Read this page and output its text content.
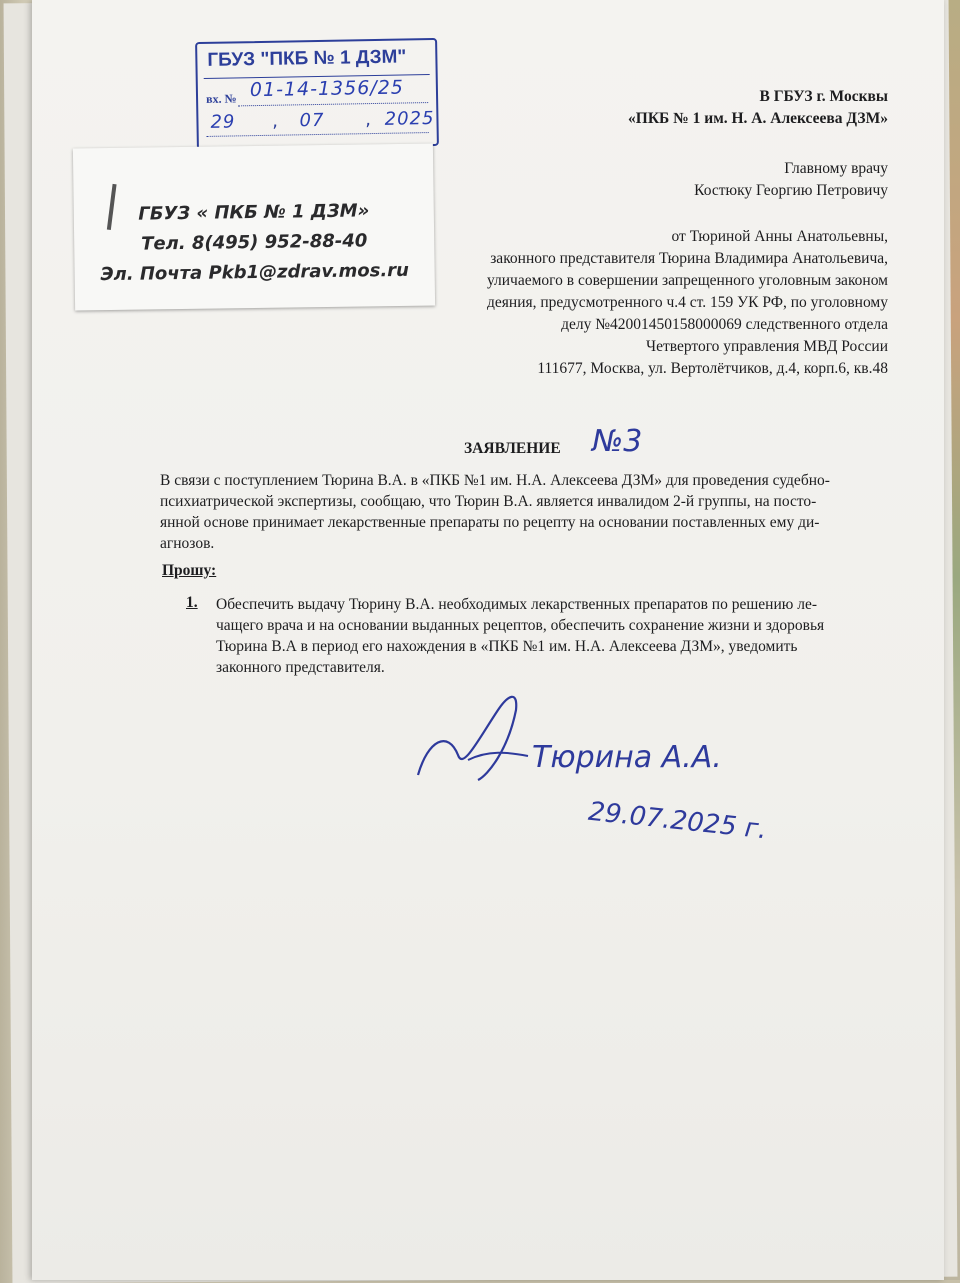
ГБУЗ "ПКБ № 1 ДЗМ"
вх. № 01-14-1356/25
29 , 07 , 2025
ГБУЗ « ПКБ № 1 ДЗМ»
Тел. 8(495) 952-88-40
Эл. Почта Pkb1@zdrav.mos.ru
В ГБУЗ г. Москвы
«ПКБ № 1 им. Н. А. Алексеева ДЗМ»
Главному врачу
Костюку Георгию Петровичу
от Тюриной Анны Анатольевны,
законного представителя Тюрина Владимира Анатольевича,
уличаемого в совершении запрещенного уголовным законом
деяния, предусмотренного ч.4 ст. 159 УК РФ, по уголовному
делу №42001450158000069 следственного отдела
Четвертого управления МВД России
111677, Москва, ул. Вертолётчиков, д.4, корп.6, кв.48
ЗАЯВЛЕНИЕ №3
В связи с поступлением Тюрина В.А. в «ПКБ №1 им. Н.А. Алексеева ДЗМ» для проведения судебно-
психиатрической экспертизы, сообщаю, что Тюрин В.А. является инвалидом 2-й группы, на посто-
янной основе принимает лекарственные препараты по рецепту на основании поставленных ему ди-
агнозов.
Прошу:
1. Обеспечить выдачу Тюрину В.А. необходимых лекарственных препаратов по решению ле-
чащего врача и на основании выданных рецептов, обеспечить сохранение жизни и здоровья
Тюрина В.А в период его нахождения в «ПКБ №1 им. Н.А. Алексеева ДЗМ», уведомить
законного представителя.
Тюрина А.А.
29.07.2025 г.
